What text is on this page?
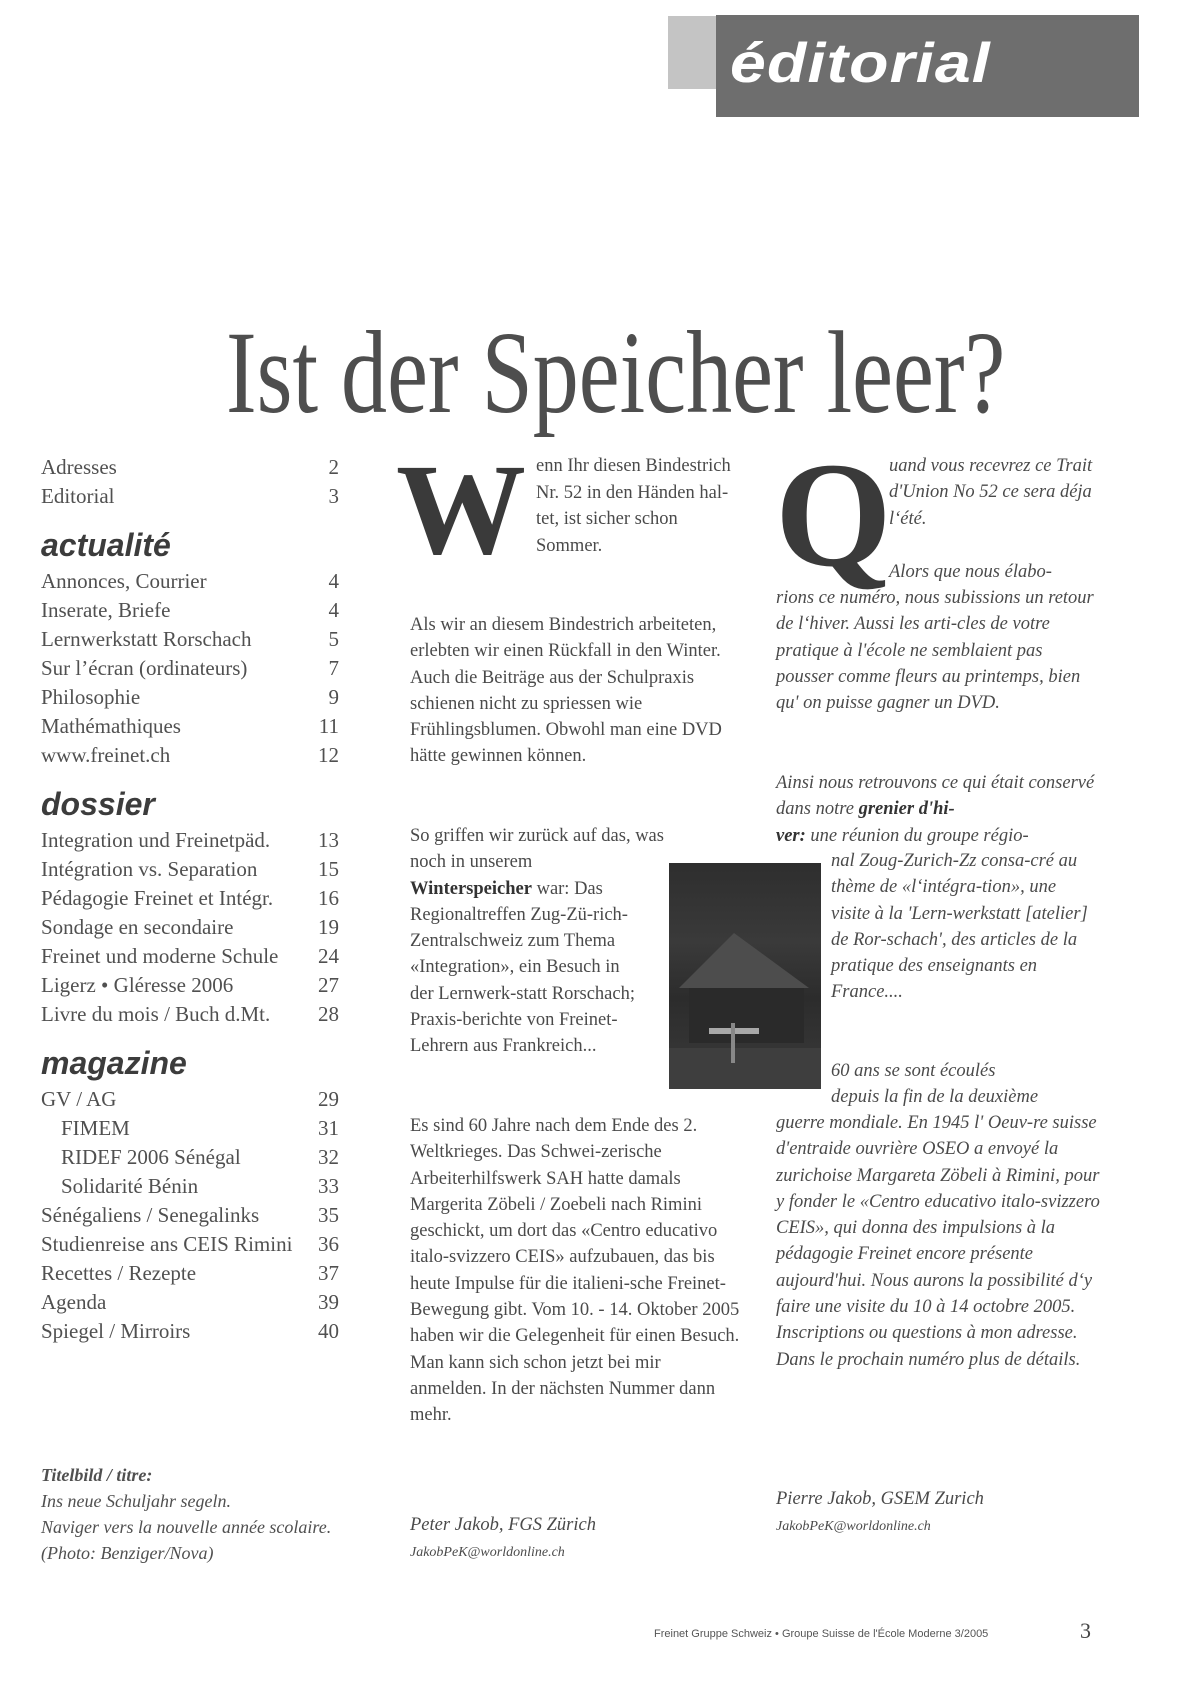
éditorial
Ist der Speicher leer?
Adresses	2
Editorial	3
actualité
Annonces, Courrier	4
Inserate, Briefe	4
Lernwerkstatt Rorschach	5
Sur l’écran (ordinateurs)	7
Philosophie	9
Mathémathiques	11
www.freinet.ch	12
dossier
Integration und Freinetpäd. 13
Intégration vs. Separation	15
Pédagogie Freinet et Intégr. 16
Sondage en secondaire	19
Freinet und moderne Schule 24
Ligerz • Gléresse 2006	27
Livre du mois / Buch d.Mt. 28
magazine
GV / AG	29
FIMEM	31
RIDEF 2006 Sénégal	32
Solidarité Bénin	33
Sénégaliens / Senegalinks	35
Studienreise ans CEIS Rimini 36
Recettes / Rezepte	37
Agenda	39
Spiegel / Mirroirs	40
Titelbild / titre:
Ins neue Schuljahr segeln.
Naviger vers la nouvelle année scolaire.
(Photo: Benziger/Nova)
W enn Ihr diesen Bindestrich Nr. 52 in den Händen hal-tet, ist sicher schon Sommer.
Als wir an diesem Bindestrich arbeiteten, erlebten wir einen Rückfall in den Winter. Auch die Beiträge aus der Schulpraxis schienen nicht zu spriessen wie Frühlingsblumen. Obwohl man eine DVD hätte gewinnen können.
So griffen wir zurück auf das, was
noch in unserem
Winterspeicher war: Das Regionaltreffen Zug-Zü-rich-Zentralschweiz zum Thema «Integration», ein Besuch in der Lernwerk-statt Rorschach; Praxis-berichte von Freinet-Lehrern aus Frankreich...
Es sind 60 Jahre nach dem Ende des 2. Weltkrieges. Das Schwei-zerische Arbeiterhilfswerk SAH hatte damals Margerita Zöbeli / Zoebeli nach Rimini geschickt, um dort das «Centro educativo italo-svizzero CEIS» aufzubauen, das bis heute Impulse für die italieni-sche Freinet-Bewegung gibt. Vom 10. - 14. Oktober 2005 haben wir die Gelegenheit für einen Besuch. Man kann sich schon jetzt bei mir anmelden. In der nächsten Nummer dann mehr.
Peter Jakob, FGS Zürich
JakobPeK@worldonline.ch
Q
uand vous recevrez ce Trait d'Union No 52 ce sera déja l‘été.
Alors que nous élabo-
rions ce numéro, nous subissions un retour de l‘hiver. Aussi les arti-cles de votre pratique à l'école ne semblaient pas pousser comme fleurs au printemps, bien qu' on puisse gagner un DVD.
Ainsi nous retrouvons ce qui était conservé dans notre grenier d'hi-
ver: une réunion du groupe régio-
nal Zoug-Zurich-Zz consa-cré au thème de «l‘intégra-tion», une visite à la 'Lern-werkstatt [atelier] de Ror-schach', des articles de la pratique des enseignants en France....
60 ans se sont écoulés
depuis la fin de la deuxième
guerre mondiale. En 1945 l' Oeuv-re suisse d'entraide ouvrière OSEO a envoyé la zurichoise Margareta Zöbeli à Rimini, pour y fonder le «Centro educativo italo-svizzero CEIS», qui donna des impulsions à la pédagogie Freinet encore présente aujourd'hui. Nous aurons la possibilité d‘y faire une visite du 10 à 14 octobre 2005. Inscriptions ou questions à mon adresse. Dans le prochain numéro plus de détails.
Pierre Jakob, GSEM Zurich
JakobPeK@worldonline.ch
Freinet Gruppe Schweiz • Groupe Suisse de l'École Moderne 3/2005	3
